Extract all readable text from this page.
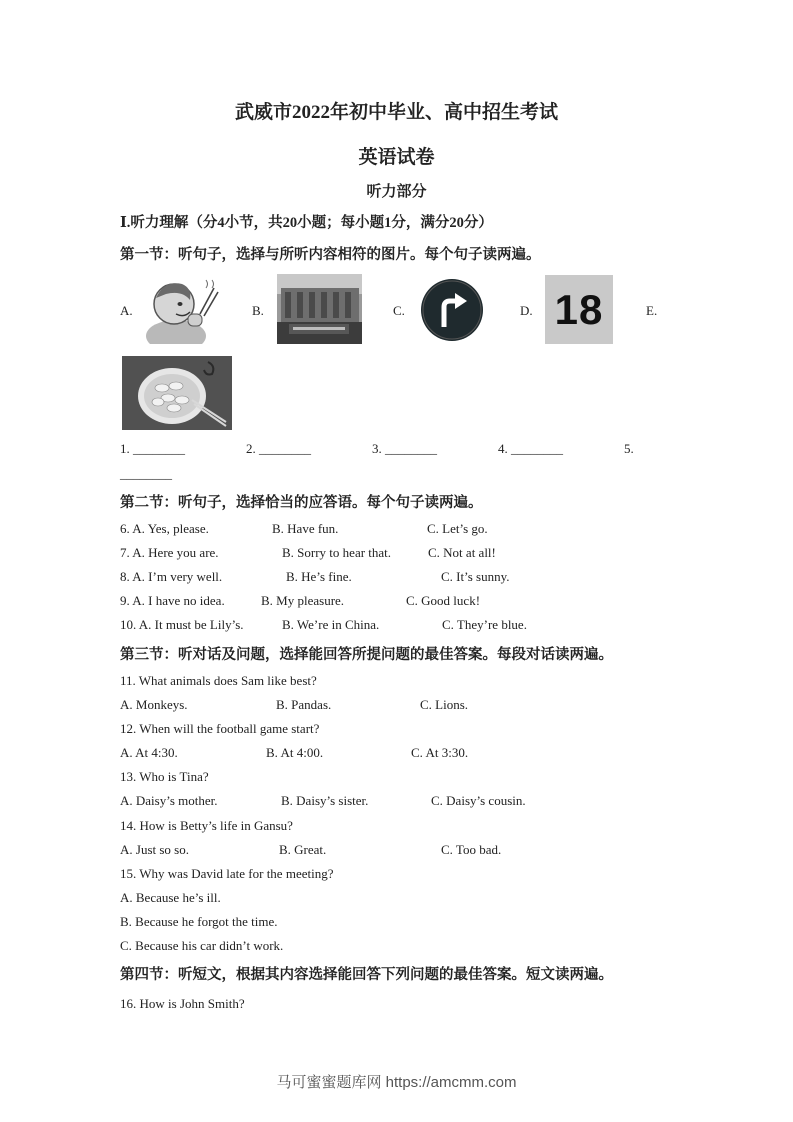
武威市2022年初中毕业、高中招生考试
英语试卷
听力部分
Ⅰ.听力理解（分4小节，共20小题；每小题1分，满分20分）
第一节：听句子，选择与所听内容相符的图片。每个句子读两遍。
A.	B.	C.	D. 18	E.
1. ________	2. ________	3. ________	4. ________	5.
________
第二节：听句子，选择恰当的应答语。每个句子读两遍。
6. A. Yes, please.	B. Have fun.	C. Let’s go.
7. A. Here you are.	B. Sorry to hear that.	C. Not at all!
8. A. I’m very well.	B. He’s fine.	C. It’s sunny.
9. A. I have no idea.	B. My pleasure.	C. Good luck!
10. A. It must be Lily’s.	B. We’re in China.	C. They’re blue.
第三节：听对话及问题，选择能回答所提问题的最佳答案。每段对话读两遍。
11. What animals does Sam like best?
A. Monkeys.	B. Pandas.	C. Lions.
12. When will the football game start?
A. At 4:30.	B. At 4:00.	C. At 3:30.
13. Who is Tina?
A. Daisy’s mother.	B. Daisy’s sister.	C. Daisy’s cousin.
14. How is Betty’s life in Gansu?
A. Just so so.	B. Great.	C. Too bad.
15. Why was David late for the meeting?
A. Because he’s ill.
B. Because he forgot the time.
C. Because his car didn’t work.
第四节：听短文，根据其内容选择能回答下列问题的最佳答案。短文读两遍。
16. How is John Smith?
马可蜜蜜题库网 https://amcmm.com
